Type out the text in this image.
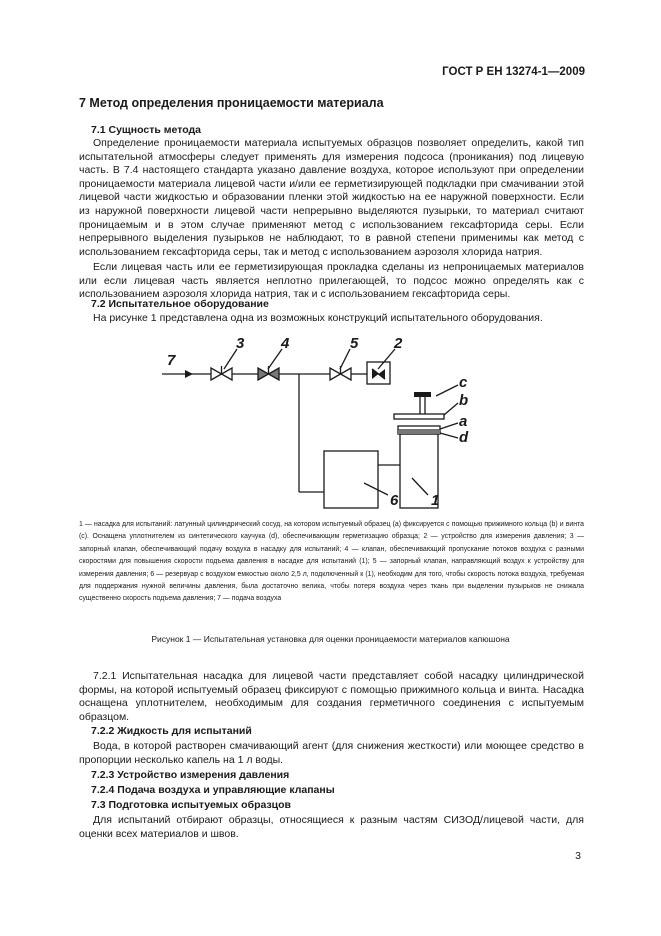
ГОСТ Р ЕН 13274-1—2009
7 Метод определения проницаемости материала
7.1 Сущность метода
Определение проницаемости материала испытуемых образцов позволяет определить, какой тип испытательной атмосферы следует применять для измерения подсоса (проникания) под лицевую часть. В 7.4 настоящего стандарта указано давление воздуха, которое используют при определении проницаемости материала лицевой части и/или ее герметизирующей подкладки при смачивании этой лицевой части жидкостью и образовании пленки этой жидкостью на ее наружной поверхности. Если из наружной поверхности лицевой части непрерывно выделяются пузырьки, то материал считают проницаемым и в этом случае применяют метод с использованием гексафторида серы. Если непрерывного выделения пузырьков не наблюдают, то в равной степени применимы как метод с использованием гексафторида серы, так и метод с использованием аэрозоля хлорида натрия.
Если лицевая часть или ее герметизирующая прокладка сделаны из непроницаемых материалов или если лицевая часть является неплотно прилегающей, то подсос можно определять как с использованием аэрозоля хлорида натрия, так и с использованием гексафторида серы.
7.2 Испытательное оборудование
На рисунке 1 представлена одна из возможных конструкций испытательного оборудования.
7
3 4	5 2
c
b
a
d
6 1
1 — насадка для испытаний: латунный цилиндрический сосуд, на котором испытуемый образец (а) фиксируется с помощью прижимного кольца (b) и винта (c). Оснащена уплотнителем из синтетического каучука (d), обеспечивающим герметизацию образца; 2 — устройство для измерения давления; 3 — запорный клапан, обеспечивающий подачу воздуха в насадку для испытаний; 4 — клапан, обеспечивающий пропускание потоков воздуха с разными скоростями для повышения скорости подъема давления в насадке для испытаний (1); 5 — запорный клапан, направляющий воздух к устройству для измерения давления; 6 — резервуар с воздухом емкостью около 2,5 л, подключенный к (1), необходим для того, чтобы скорость потока воздуха, требуемая для поддержания нужной величины давления, была достаточно велика, чтобы потеря воздуха через ткань при выделении пузырьков не снижала существенно скорость подъема давления; 7 — подача воздуха
Рисунок 1 — Испытательная установка для оценки проницаемости материалов капюшона
7.2.1 Испытательная насадка для лицевой части представляет собой насадку цилиндрической формы, на которой испытуемый образец фиксируют с помощью прижимного кольца и винта. Насадка оснащена уплотнителем, необходимым для создания герметичного соединения с испытуемым образцом.
7.2.2 Жидкость для испытаний
Вода, в которой растворен смачивающий агент (для снижения жесткости) или моющее средство в пропорции несколько капель на 1 л воды.
7.2.3 Устройство измерения давления
7.2.4 Подача воздуха и управляющие клапаны
7.3 Подготовка испытуемых образцов
Для испытаний отбирают образцы, относящиеся к разным частям СИЗОД/лицевой части, для оценки всех материалов и швов.
3
